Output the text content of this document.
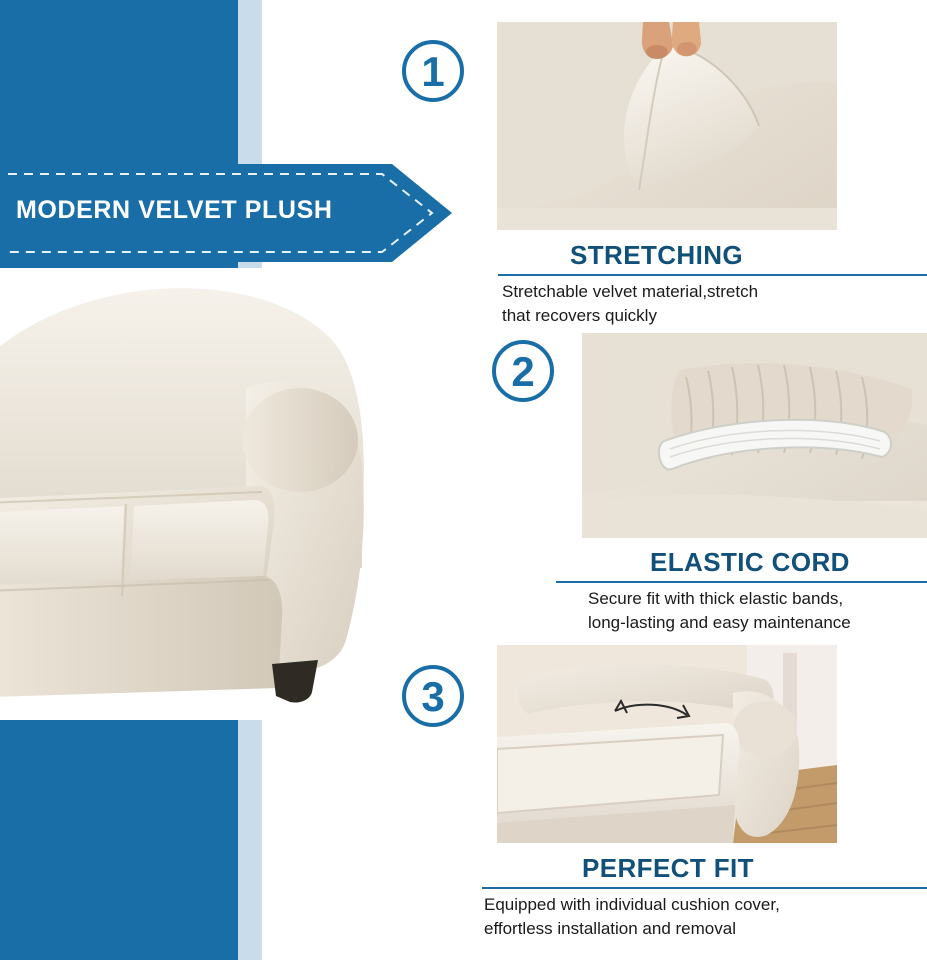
MODERN VELVET PLUSH
1
STRETCHING
Stretchable velvet material,stretch
that recovers quickly
2
ELASTIC CORD
Secure fit with thick elastic bands,
long-lasting and easy maintenance
3
PERFECT FIT
Equipped with individual cushion cover,
effortless installation and removal
